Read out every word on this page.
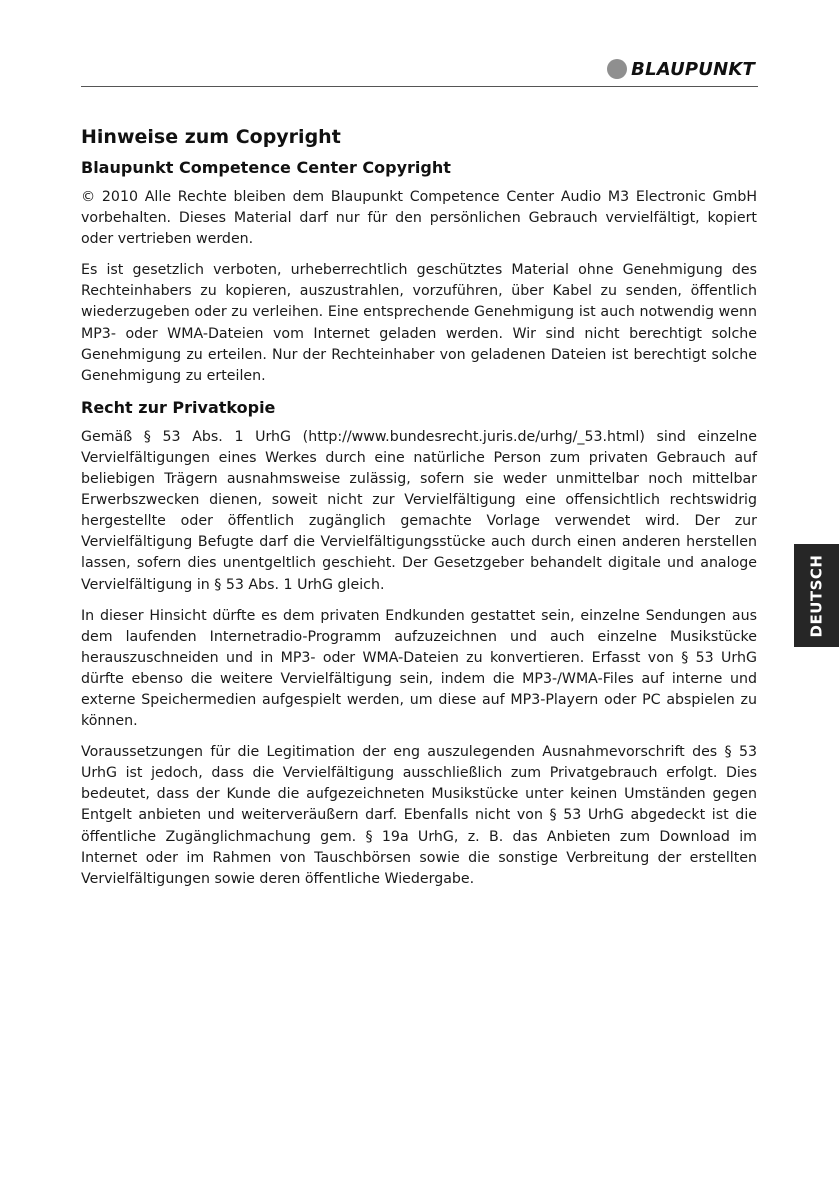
BLAUPUNKT
Hinweise zum Copyright
Blaupunkt Competence Center Copyright

© 2010 Alle Rechte bleiben dem Blaupunkt Competence Center Audio M3 Electronic GmbH vorbehalten. Dieses Material darf nur für den persönlichen Gebrauch vervielfältigt, kopiert oder vertrieben werden.

Es ist gesetzlich verboten, urheberrechtlich geschütztes Material ohne Genehmigung des Rechteinhabers zu kopieren, auszustrahlen, vorzuführen, über Kabel zu senden, öffentlich wiederzugeben oder zu verleihen. Eine entsprechende Genehmigung ist auch notwendig wenn MP3- oder WMA-Dateien vom Internet geladen werden. Wir sind nicht berechtigt solche Genehmigung zu erteilen. Nur der Rechteinhaber von geladenen Dateien ist berechtigt solche Genehmigung zu erteilen.

Recht zur Privatkopie

Gemäß § 53 Abs. 1 UrhG (http://www.bundesrecht.juris.de/urhg/_53.html) sind einzelne Vervielfältigungen eines Werkes durch eine natürliche Person zum privaten Gebrauch auf beliebigen Trägern ausnahmsweise zulässig, sofern sie weder unmittelbar noch mittelbar Erwerbszwecken dienen, soweit nicht zur Vervielfältigung eine offensichtlich rechtswidrig hergestellte oder öffentlich zugänglich gemachte Vorlage verwendet wird. Der zur Vervielfältigung Befugte darf die Vervielfältigungsstücke auch durch einen anderen herstellen lassen, sofern dies unentgeltlich geschieht. Der Gesetzgeber behandelt digitale und analoge Vervielfältigung in § 53 Abs. 1 UrhG gleich.

In dieser Hinsicht dürfte es dem privaten Endkunden gestattet sein, einzelne Sendungen aus dem laufenden Internetradio-Programm aufzuzeichnen und auch einzelne Musikstücke herauszuschneiden und in MP3- oder WMA-Dateien zu konvertieren. Erfasst von § 53 UrhG dürfte ebenso die weitere Vervielfältigung sein, indem die MP3-/WMA-Files auf interne und externe Speichermedien aufgespielt werden, um diese auf MP3-Playern oder PC abspielen zu können.

Voraussetzungen für die Legitimation der eng auszulegenden Ausnahmevorschrift des § 53 UrhG ist jedoch, dass die Vervielfältigung ausschließlich zum Privatgebrauch erfolgt. Dies bedeutet, dass der Kunde die aufgezeichneten Musikstücke unter keinen Umständen gegen Entgelt anbieten und weiterveräußern darf. Ebenfalls nicht von § 53 UrhG abgedeckt ist die öffentliche Zugänglichmachung gem. § 19a UrhG, z. B. das Anbieten zum Download im Internet oder im Rahmen von Tauschbörsen sowie die sonstige Verbreitung der erstellten Vervielfältigungen sowie deren öffentliche Wiedergabe.

DEUTSCH
